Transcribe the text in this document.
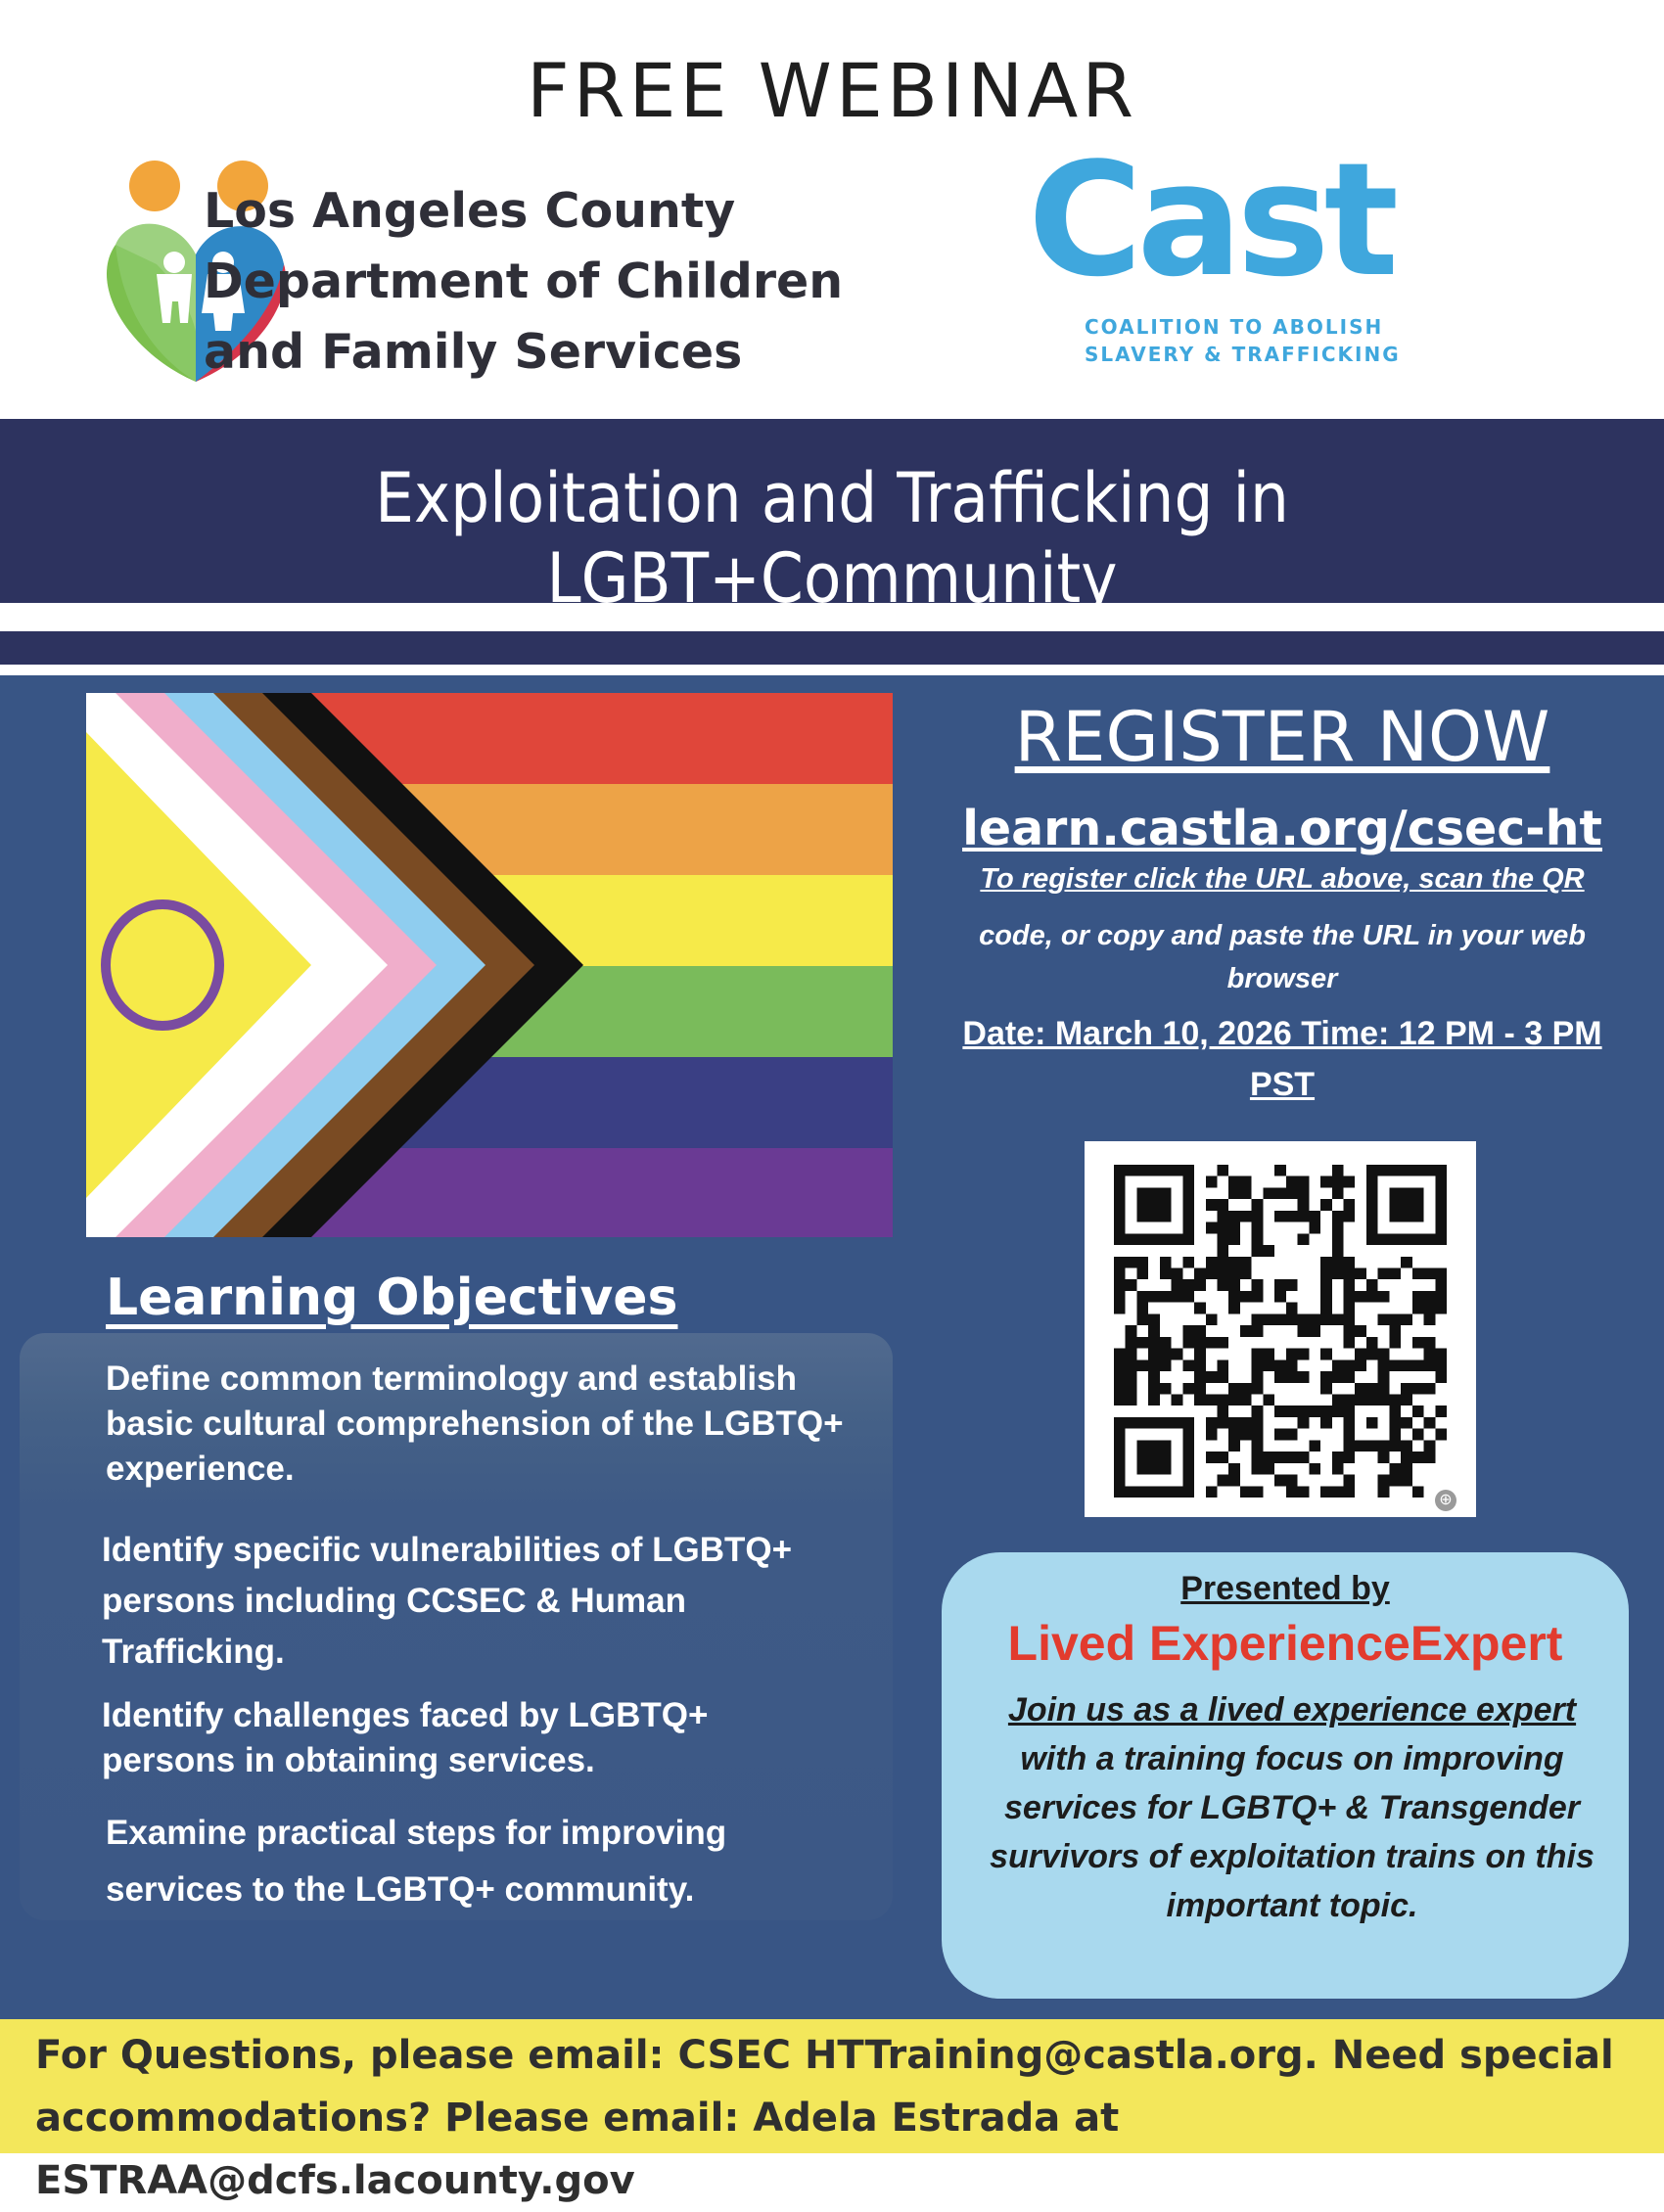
FREE WEBINAR
Los Angeles County
Department of Children
and Family Services
Cast
COALITION TO ABOLISH
SLAVERY & TRAFFICKING
Exploitation and Trafficking in LGBT+Community
Learning Objectives
Define common terminology and establish basic cultural comprehension of the LGBTQ+ experience.
Identify specific vulnerabilities of LGBTQ+ persons including CCSEC & Human Trafficking.
Identify challenges faced by LGBTQ+ persons in obtaining services.
Examine practical steps for improving services to the LGBTQ+ community.
REGISTER NOW
learn.castla.org/csec-ht
To register click the URL above, scan the QR
code, or copy and paste the URL in your web browser
Date: March 10, 2026 Time: 12 PM - 3 PM PST
⊕
Presented by
Lived ExperienceExpert
Join us as a lived experience expert
with a training focus on improving services for LGBTQ+ & Transgender survivors of exploitation trains on this important topic.
For Questions, please email: CSEC HTTraining@castla.org. Need special accommodations? Please email: Adela Estrada at ESTRAA@dcfs.lacounty.gov
